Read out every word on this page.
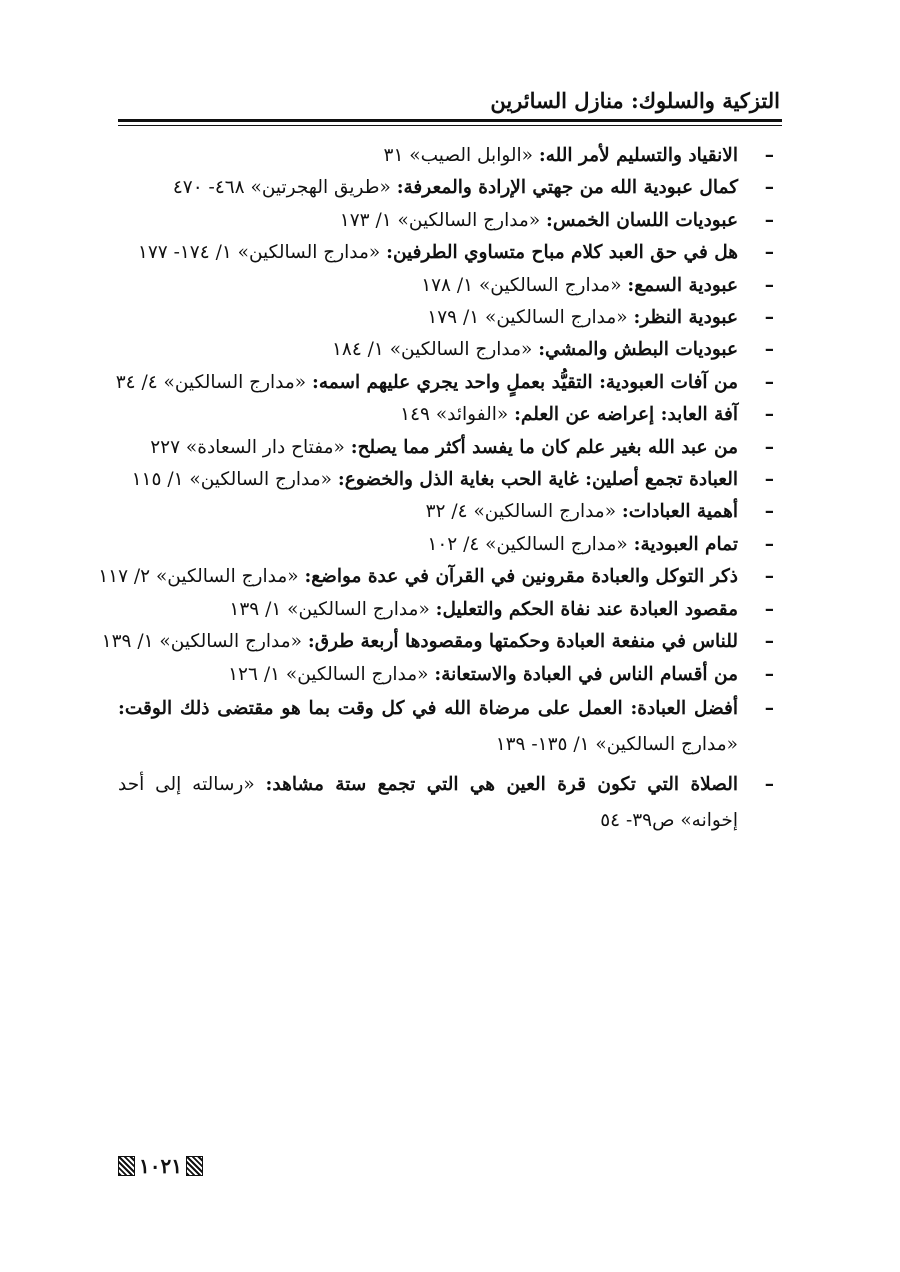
التزكية والسلوك: منازل السائرين
–
الانقياد والتسليم لأمر الله: «الوابل الصيب» ٣١
–
كمال عبودية الله من جهتي الإرادة والمعرفة: «طريق الهجرتين» ٤٦٨- ٤٧٠
–
عبوديات اللسان الخمس: «مدارج السالكين» ١/ ١٧٣
–
هل في حق العبد كلام مباح متساوي الطرفين: «مدارج السالكين» ١/ ١٧٤- ١٧٧
–
عبودية السمع: «مدارج السالكين» ١/ ١٧٨
–
عبودية النظر: «مدارج السالكين» ١/ ١٧٩
–
عبوديات البطش والمشي: «مدارج السالكين» ١/ ١٨٤
–
من آفات العبودية: التقيُّد بعملٍ واحد يجري عليهم اسمه: «مدارج السالكين» ٤/ ٣٤
–
آفة العابد: إعراضه عن العلم: «الفوائد» ١٤٩
–
من عبد الله بغير علم كان ما يفسد أكثر مما يصلح: «مفتاح دار السعادة» ٢٢٧
–
العبادة تجمع أصلين: غاية الحب بغاية الذل والخضوع: «مدارج السالكين» ١/ ١١٥
–
أهمية العبادات: «مدارج السالكين» ٤/ ٣٢
–
تمام العبودية: «مدارج السالكين» ٤/ ١٠٢
–
ذكر التوكل والعبادة مقرونين في القرآن في عدة مواضع: «مدارج السالكين» ٢/ ١١٧
–
مقصود العبادة عند نفاة الحكم والتعليل: «مدارج السالكين» ١/ ١٣٩
–
للناس في منفعة العبادة وحكمتها ومقصودها أربعة طرق: «مدارج السالكين» ١/ ١٣٩
–
من أقسام الناس في العبادة والاستعانة: «مدارج السالكين» ١/ ١٢٦
–
أفضل العبادة: العمل على مرضاة الله في كل وقت بما هو مقتضى ذلك الوقت: «مدارج السالكين» ١/ ١٣٥- ١٣٩
–
الصلاة التي تكون قرة العين هي التي تجمع ستة مشاهد: «رسالته إلى أحد إخوانه» ص٣٩- ٥٤
١٠٢١
